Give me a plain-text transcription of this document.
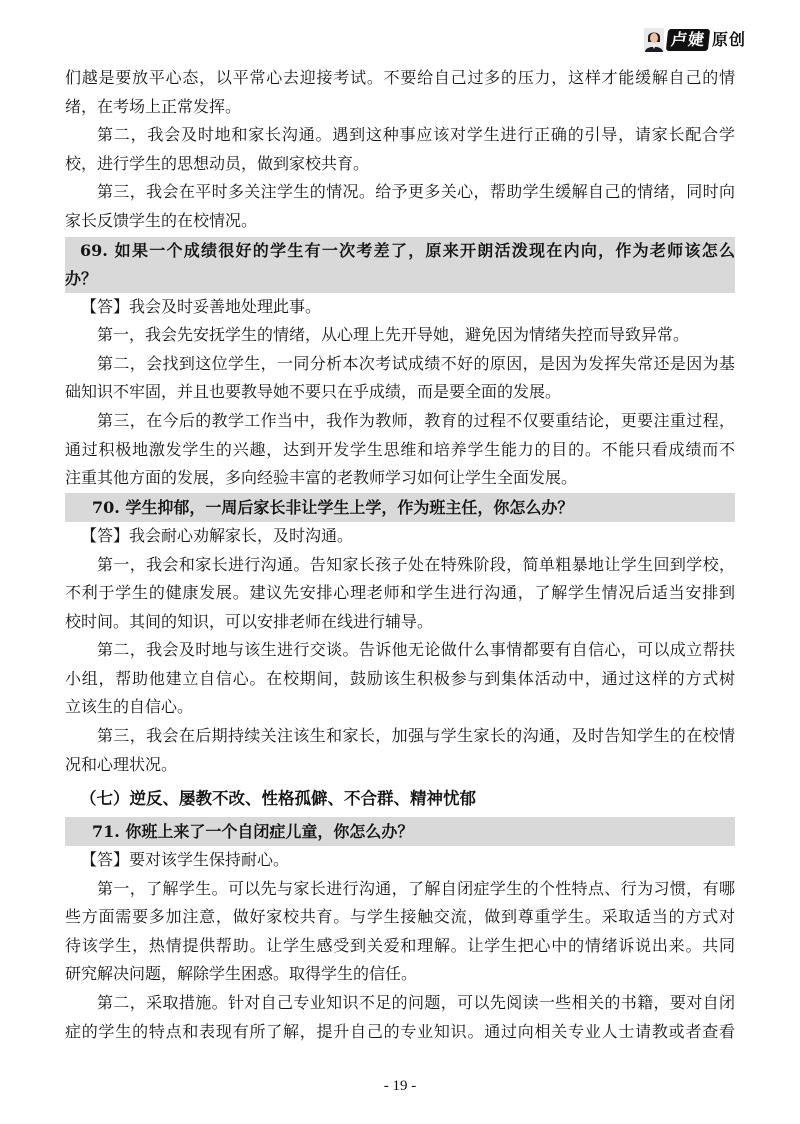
卢婕 原创
们越是要放平心态，以平常心去迎接考试。不要给自己过多的压力，这样才能缓解自己的情
绪，在考场上正常发挥。
第二，我会及时地和家长沟通。遇到这种事应该对学生进行正确的引导，请家长配合学
校，进行学生的思想动员，做到家校共育。
第三，我会在平时多关注学生的情况。给予更多关心，帮助学生缓解自己的情绪，同时向
家长反馈学生的在校情况。
69. 如果一个成绩很好的学生有一次考差了，原来开朗活泼现在内向，作为老师该怎么
办？
【答】我会及时妥善地处理此事。
第一，我会先安抚学生的情绪，从心理上先开导她，避免因为情绪失控而导致异常。
第二，会找到这位学生，一同分析本次考试成绩不好的原因，是因为发挥失常还是因为基
础知识不牢固，并且也要教导她不要只在乎成绩，而是要全面的发展。
第三，在今后的教学工作当中，我作为教师，教育的过程不仅要重结论，更要注重过程，
通过积极地激发学生的兴趣，达到开发学生思维和培养学生能力的目的。不能只看成绩而不
注重其他方面的发展，多向经验丰富的老教师学习如何让学生全面发展。
70. 学生抑郁，一周后家长非让学生上学，作为班主任，你怎么办？
【答】我会耐心劝解家长，及时沟通。
第一，我会和家长进行沟通。告知家长孩子处在特殊阶段，简单粗暴地让学生回到学校，
不利于学生的健康发展。建议先安排心理老师和学生进行沟通，了解学生情况后适当安排到
校时间。其间的知识，可以安排老师在线进行辅导。
第二，我会及时地与该生进行交谈。告诉他无论做什么事情都要有自信心，可以成立帮扶
小组，帮助他建立自信心。在校期间，鼓励该生积极参与到集体活动中，通过这样的方式树
立该生的自信心。
第三，我会在后期持续关注该生和家长，加强与学生家长的沟通，及时告知学生的在校情
况和心理状况。
（七）逆反、屡教不改、性格孤僻、不合群、精神忧郁
71. 你班上来了一个自闭症儿童，你怎么办？
【答】要对该学生保持耐心。
第一，了解学生。可以先与家长进行沟通，了解自闭症学生的个性特点、行为习惯，有哪
些方面需要多加注意，做好家校共育。与学生接触交流，做到尊重学生。采取适当的方式对
待该学生，热情提供帮助。让学生感受到关爱和理解。让学生把心中的情绪诉说出来。共同
研究解决问题，解除学生困惑。取得学生的信任。
第二，采取措施。针对自己专业知识不足的问题，可以先阅读一些相关的书籍，要对自闭
症的学生的特点和表现有所了解，提升自己的专业知识。通过向相关专业人士请教或者查看
- 19 -
